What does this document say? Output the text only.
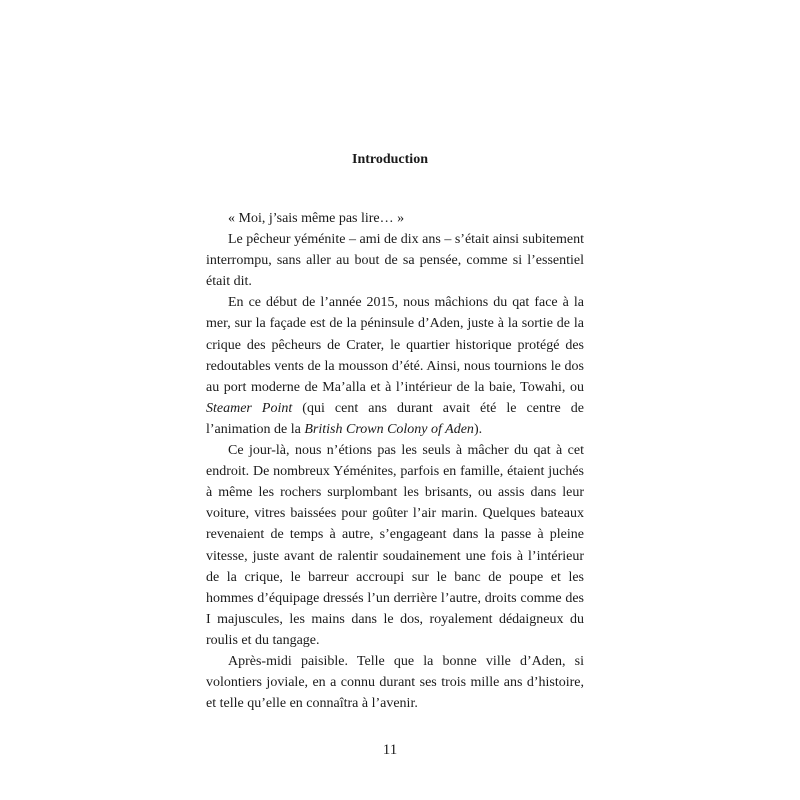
Introduction

« Moi, j’sais même pas lire… »

Le pêcheur yéménite – ami de dix ans – s’était ainsi subitement interrompu, sans aller au bout de sa pensée, comme si l’essentiel était dit.

En ce début de l’année 2015, nous mâchions du qat face à la mer, sur la façade est de la péninsule d’Aden, juste à la sortie de la crique des pêcheurs de Crater, le quartier historique protégé des redoutables vents de la mousson d’été. Ainsi, nous tournions le dos au port moderne de Ma’alla et à l’intérieur de la baie, Towahi, ou Steamer Point (qui cent ans durant avait été le centre de l’animation de la British Crown Colony of Aden).

Ce jour-là, nous n’étions pas les seuls à mâcher du qat à cet endroit. De nombreux Yéménites, parfois en famille, étaient juchés à même les rochers surplombant les brisants, ou assis dans leur voiture, vitres baissées pour goûter l’air marin. Quelques bateaux revenaient de temps à autre, s’engageant dans la passe à pleine vitesse, juste avant de ralentir soudainement une fois à l’intérieur de la crique, le barreur accroupi sur le banc de poupe et les hommes d’équipage dressés l’un derrière l’autre, droits comme des I majuscules, les mains dans le dos, royalement dédaigneux du roulis et du tangage.

Après-midi paisible. Telle que la bonne ville d’Aden, si volontiers joviale, en a connu durant ses trois mille ans d’histoire, et telle qu’elle en connaîtra à l’avenir.

11
